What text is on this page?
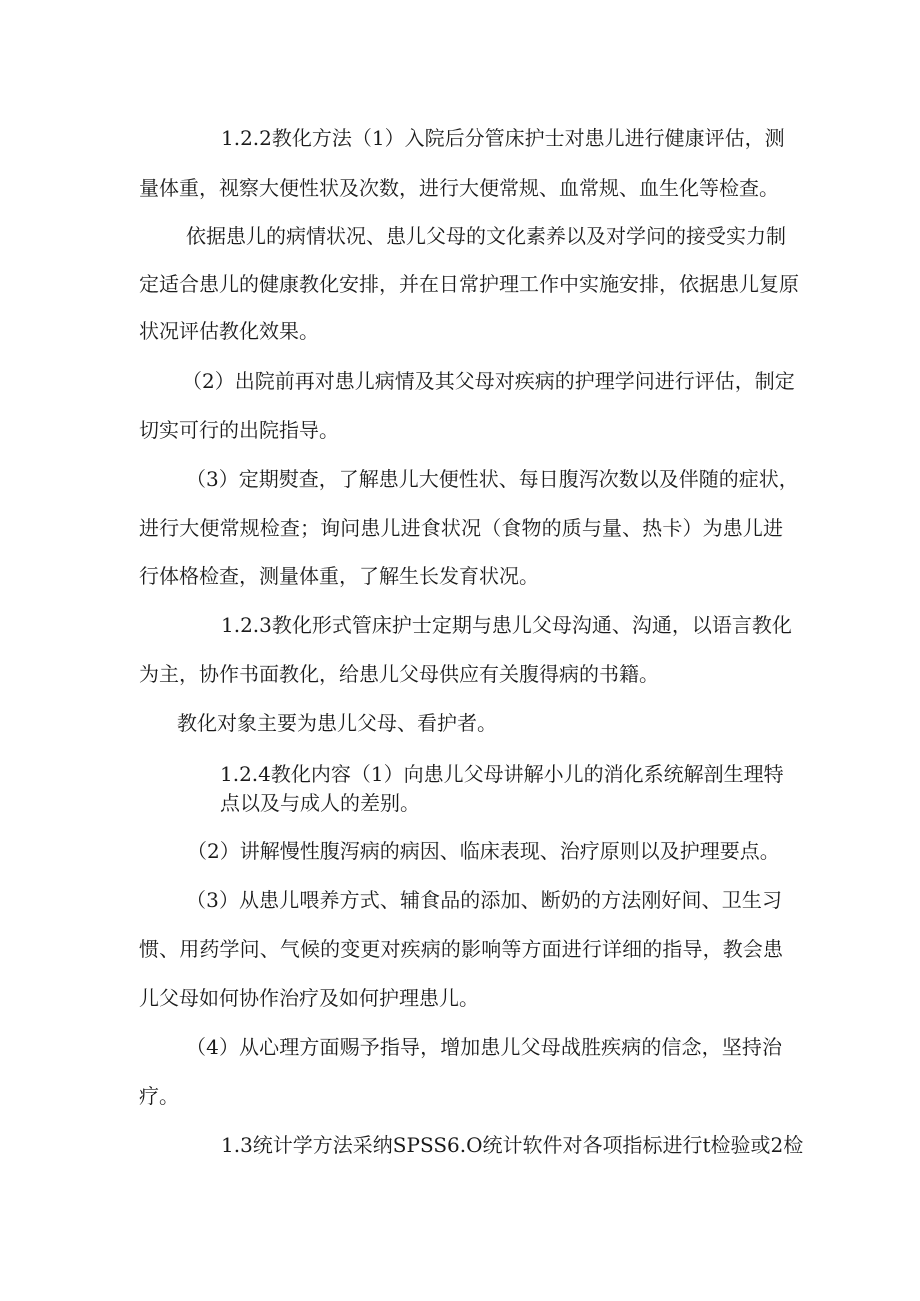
1.2.2教化方法（1）入院后分管床护士对患儿进行健康评估，测

量体重，视察大便性状及次数，进行大便常规、血常规、血生化等检查。

依据患儿的病情状况、患儿父母的文化素养以及对学问的接受实力制

定适合患儿的健康教化安排，并在日常护理工作中实施安排，依据患儿复原

状况评估教化效果。

（2）出院前再对患儿病情及其父母对疾病的护理学问进行评估，制定

切实可行的出院指导。

（3）定期熨查，了解患儿大便性状、每日腹泻次数以及伴随的症状，

进行大便常规检查；询问患儿进食状况（食物的质与量、热卡）为患儿进

行体格检查，测量体重，了解生长发育状况。

1.2.3教化形式管床护士定期与患儿父母沟通、沟通，以语言教化

为主，协作书面教化，给患儿父母供应有关腹得病的书籍。

教化对象主要为患儿父母、看护者。

1.2.4教化内容（1）向患儿父母讲解小儿的消化系统解剖生理特

点以及与成人的差别。

（2）讲解慢性腹泻病的病因、临床表现、治疗原则以及护理要点。

（3）从患儿喂养方式、辅食品的添加、断奶的方法刚好间、卫生习

惯、用药学问、气候的变更对疾病的影响等方面进行详细的指导，教会患

儿父母如何协作治疗及如何护理患儿。

（4）从心理方面赐予指导，增加患儿父母战胜疾病的信念，坚持治

疗。

1.3统计学方法采纳SPSS6.O统计软件对各项指标进行t检验或2检
